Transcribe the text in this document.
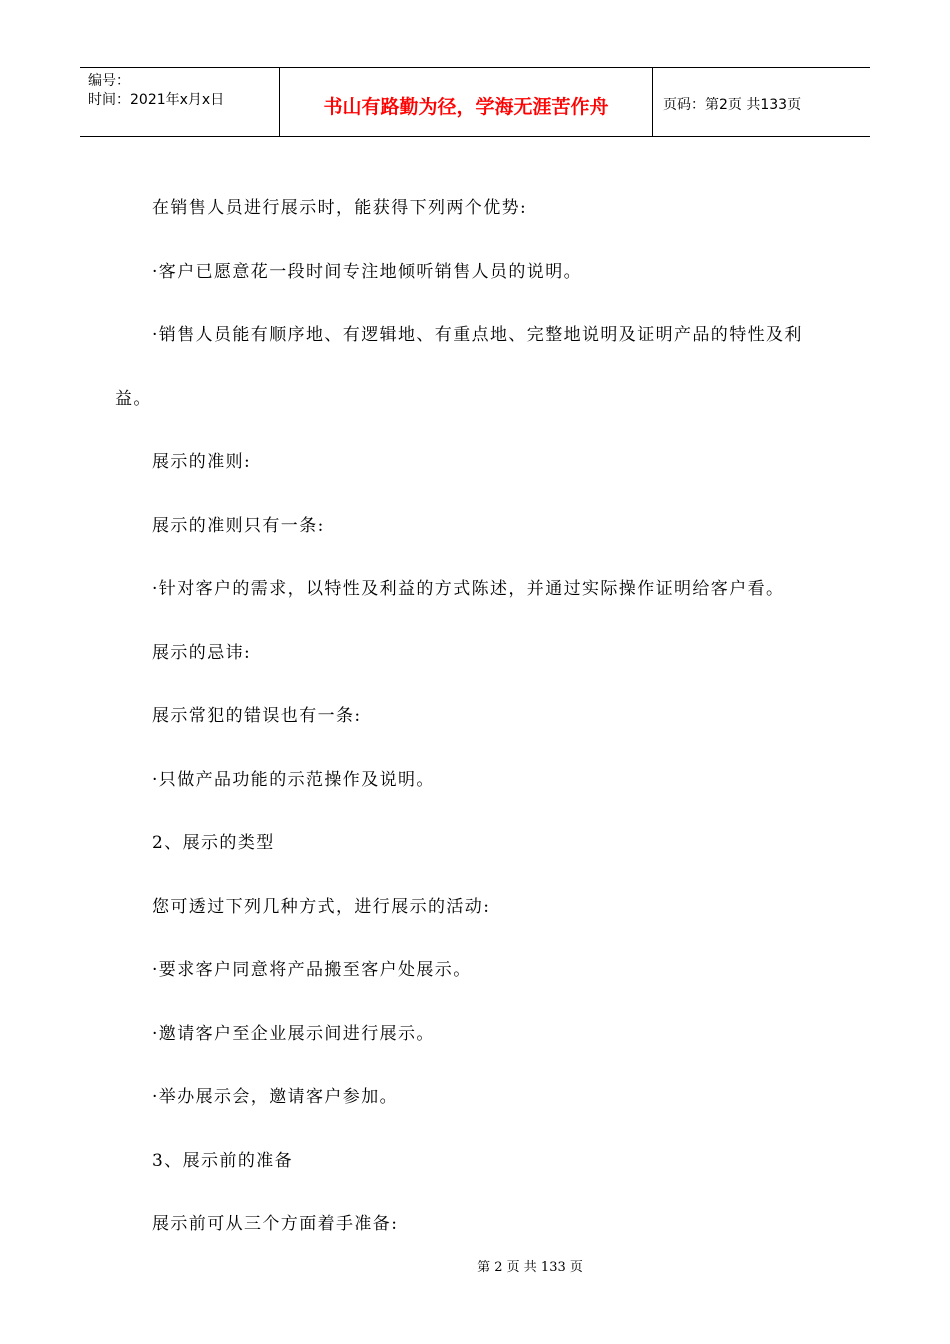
编号：
时间：2021年x月x日	书山有路勤为径，学海无涯苦作舟	页码：第2页 共133页

在销售人员进行展示时，能获得下列两个优势:

·客户已愿意花一段时间专注地倾听销售人员的说明。

·销售人员能有顺序地、有逻辑地、有重点地、完整地说明及证明产品的特性及利

益。

展示的准则:

展示的准则只有一条:

·针对客户的需求，以特性及利益的方式陈述，并通过实际操作证明给客户看。

展示的忌讳:

展示常犯的错误也有一条:

·只做产品功能的示范操作及说明。

2、展示的类型

您可透过下列几种方式，进行展示的活动:

·要求客户同意将产品搬至客户处展示。

·邀请客户至企业展示间进行展示。

·举办展示会，邀请客户参加。

3、展示前的准备

展示前可从三个方面着手准备:

第 2 页 共 133 页
